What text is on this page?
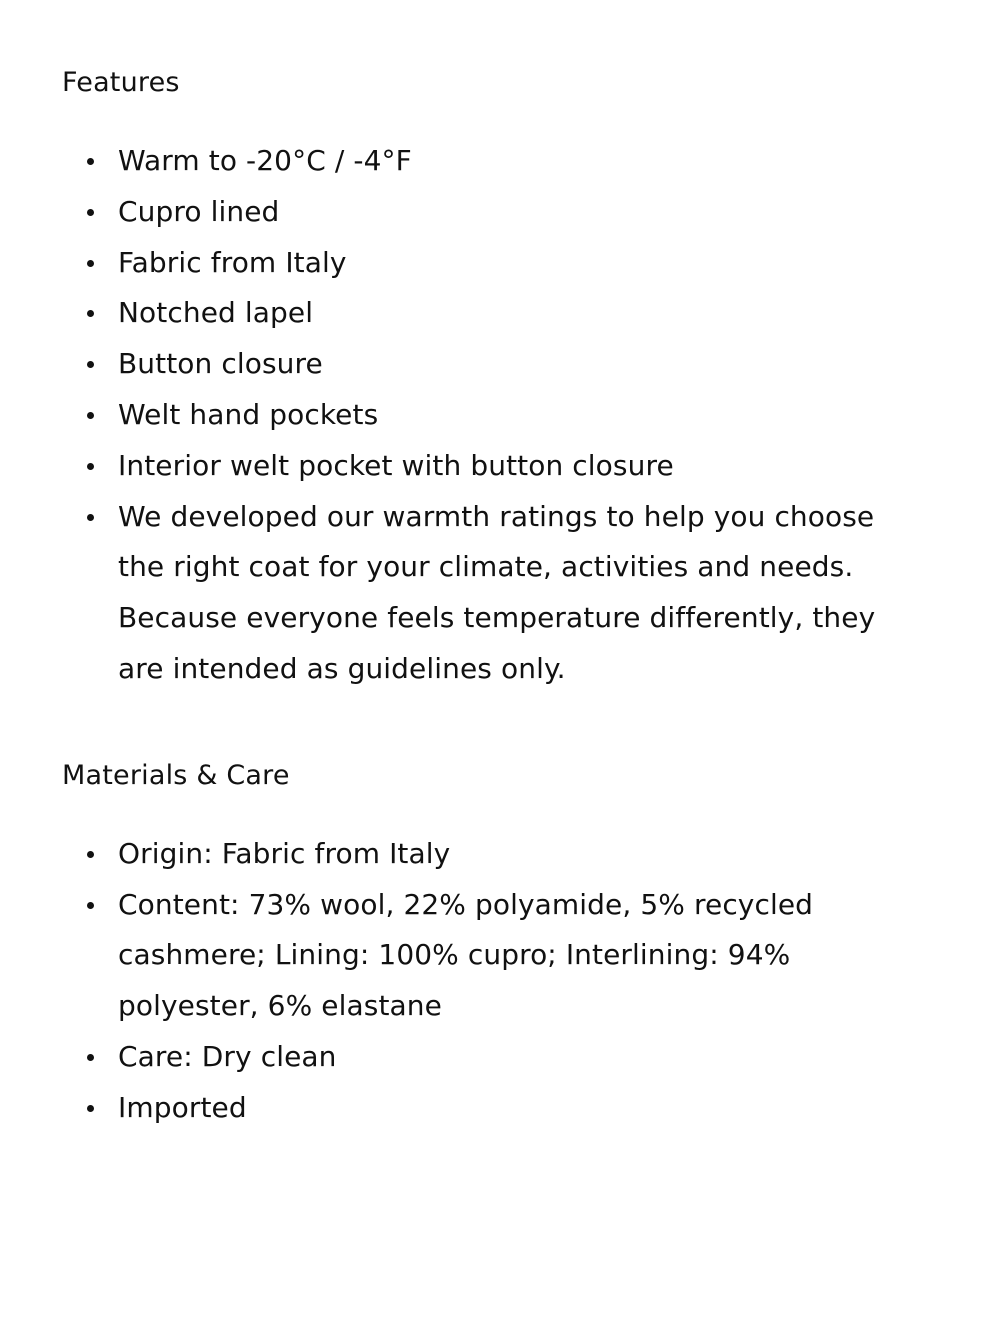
Features
Warm to -20°C / -4°F
Cupro lined
Fabric from Italy
Notched lapel
Button closure
Welt hand pockets
Interior welt pocket with button closure
We developed our warmth ratings to help you choose the right coat for your climate, activities and needs. Because everyone feels temperature differently, they are intended as guidelines only.
Materials & Care
Origin: Fabric from Italy
Content: 73% wool, 22% polyamide, 5% recycled cashmere; Lining: 100% cupro; Interlining: 94% polyester, 6% elastane
Care: Dry clean
Imported
